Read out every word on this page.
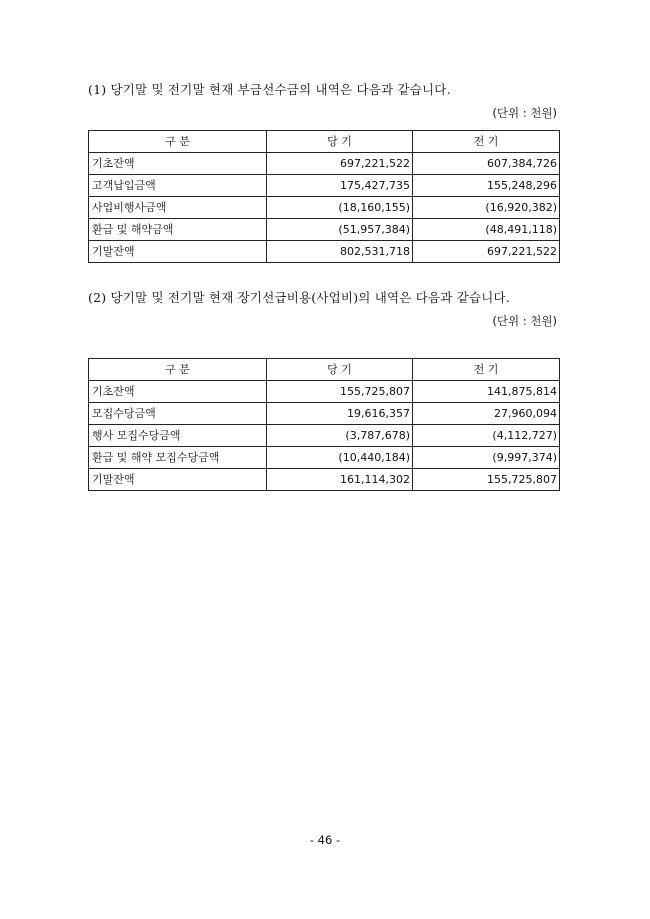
(1) 당기말 및 전기말 현재 부금선수금의 내역은 다음과 같습니다.
(단위 : 천원)
구 분	당 기	전 기
기초잔액	697,221,522	607,384,726
고객납입금액	175,427,735	155,248,296
사업비행사금액	(18,160,155)	(16,920,382)
환급 및 해약금액	(51,957,384)	(48,491,118)
기말잔액	802,531,718	697,221,522
(2) 당기말 및 전기말 현재 장기선급비용(사업비)의 내역은 다음과 같습니다.
(단위 : 천원)
구 분	당 기	전 기
기초잔액	155,725,807	141,875,814
모집수당금액	19,616,357	27,960,094
행사 모집수당금액	(3,787,678)	(4,112,727)
환급 및 해약 모집수당금액	(10,440,184)	(9,997,374)
기말잔액	161,114,302	155,725,807
- 46 -
